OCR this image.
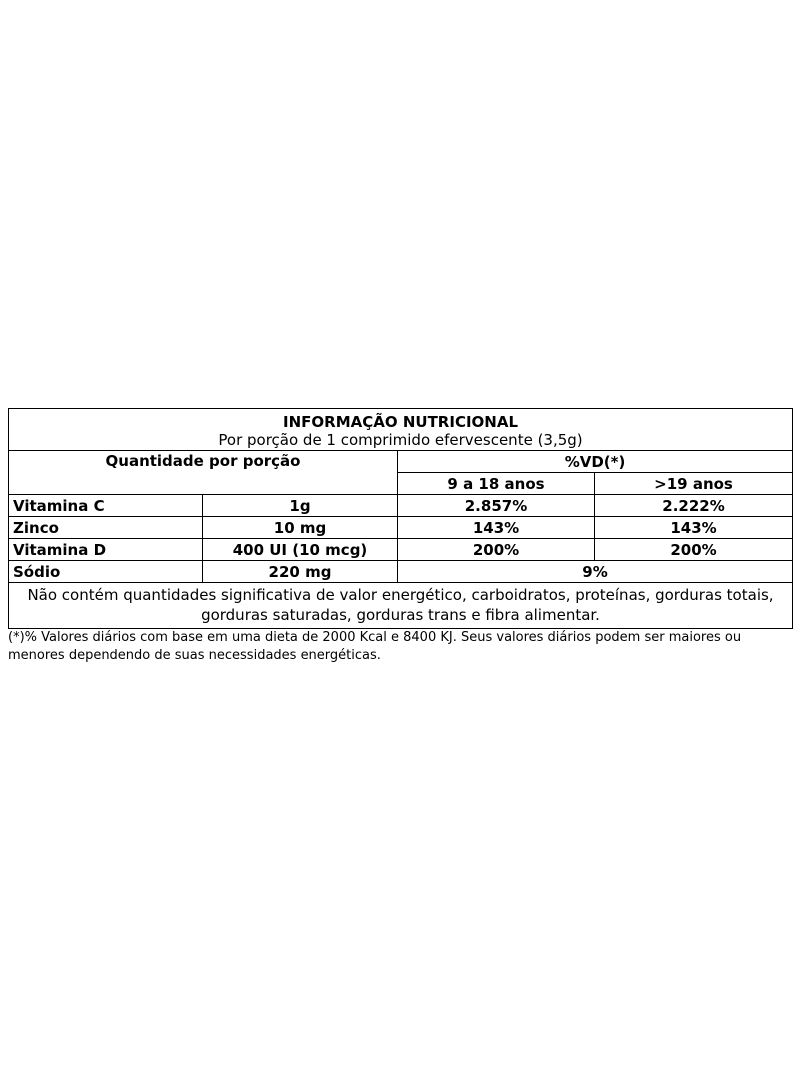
INFORMAÇÃO NUTRICIONAL
Por porção de 1 comprimido efervescente (3,5g)			

Quantidade por porção		%VD(*)	
		9 a 18 anos	>19 anos
Vitamina C	1g	2.857%	2.222%
Zinco	10 mg	143%	143%
Vitamina D	400 UI (10 mcg)	200%	200%
Sódio	220 mg	9%	
Não contém quantidades significativa de valor energético, carboidratos, proteínas, gorduras totais, gorduras saturadas, gorduras trans e fibra alimentar.			

(*)% Valores diários com base em uma dieta de 2000 Kcal e 8400 KJ. Seus valores diários podem ser maiores ou menores dependendo de suas necessidades energéticas.
